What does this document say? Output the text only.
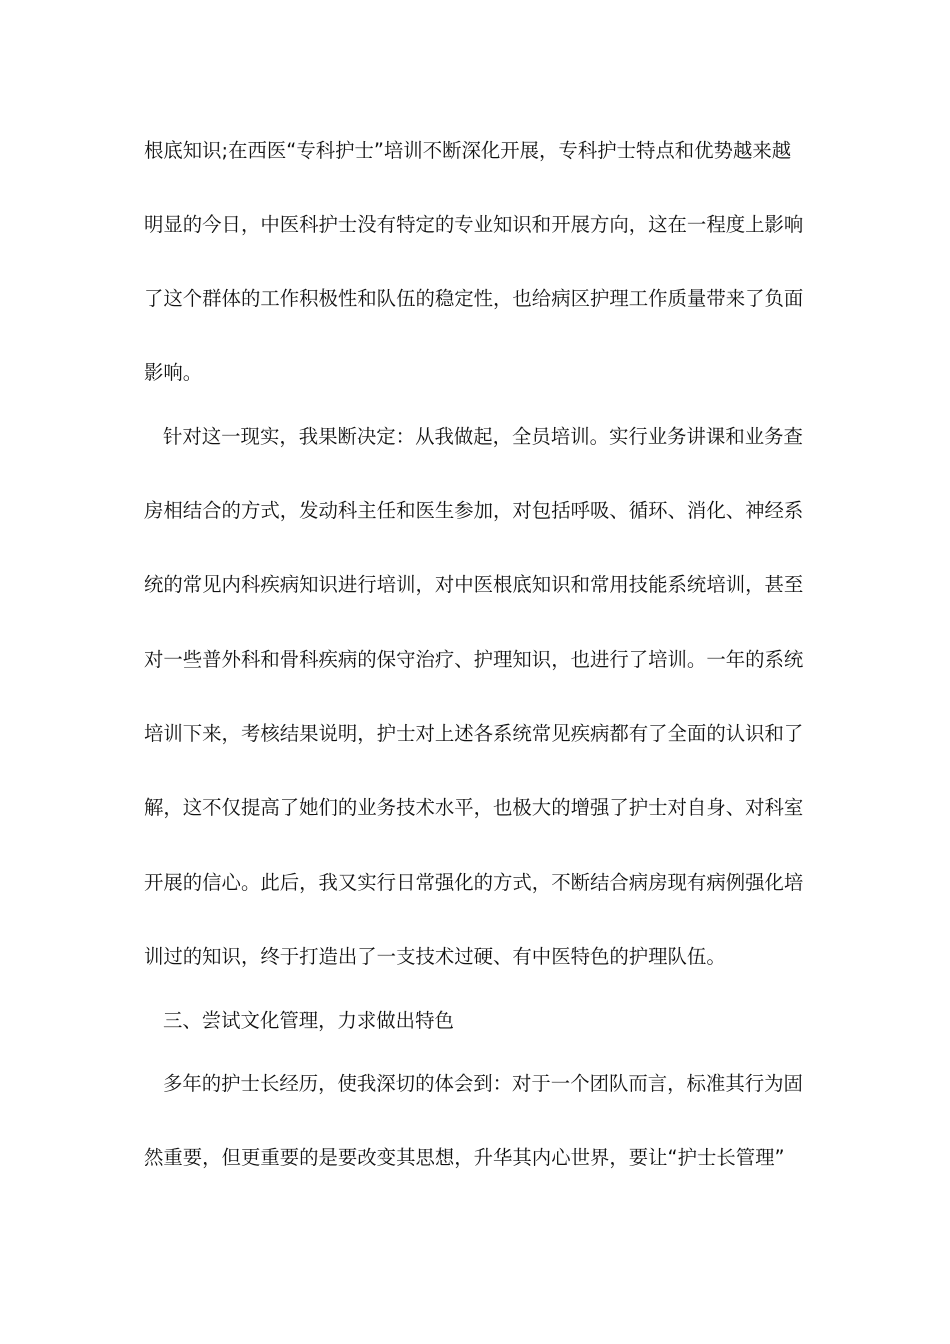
根底知识;在西医“专科护士”培训不断深化开展，专科护士特点和优势越来越
明显的今日，中医科护士没有特定的专业知识和开展方向，这在一程度上影响
了这个群体的工作积极性和队伍的稳定性，也给病区护理工作质量带来了负面
影响。
针对这一现实，我果断决定：从我做起，全员培训。实行业务讲课和业务查
房相结合的方式，发动科主任和医生参加，对包括呼吸、循环、消化、神经系
统的常见内科疾病知识进行培训，对中医根底知识和常用技能系统培训，甚至
对一些普外科和骨科疾病的保守治疗、护理知识，也进行了培训。一年的系统
培训下来，考核结果说明，护士对上述各系统常见疾病都有了全面的认识和了
解，这不仅提高了她们的业务技术水平，也极大的增强了护士对自身、对科室
开展的信心。此后，我又实行日常强化的方式，不断结合病房现有病例强化培
训过的知识，终于打造出了一支技术过硬、有中医特色的护理队伍。
三、尝试文化管理，力求做出特色
多年的护士长经历，使我深切的体会到：对于一个团队而言，标准其行为固
然重要，但更重要的是要改变其思想，升华其内心世界，要让“护士长管理”
